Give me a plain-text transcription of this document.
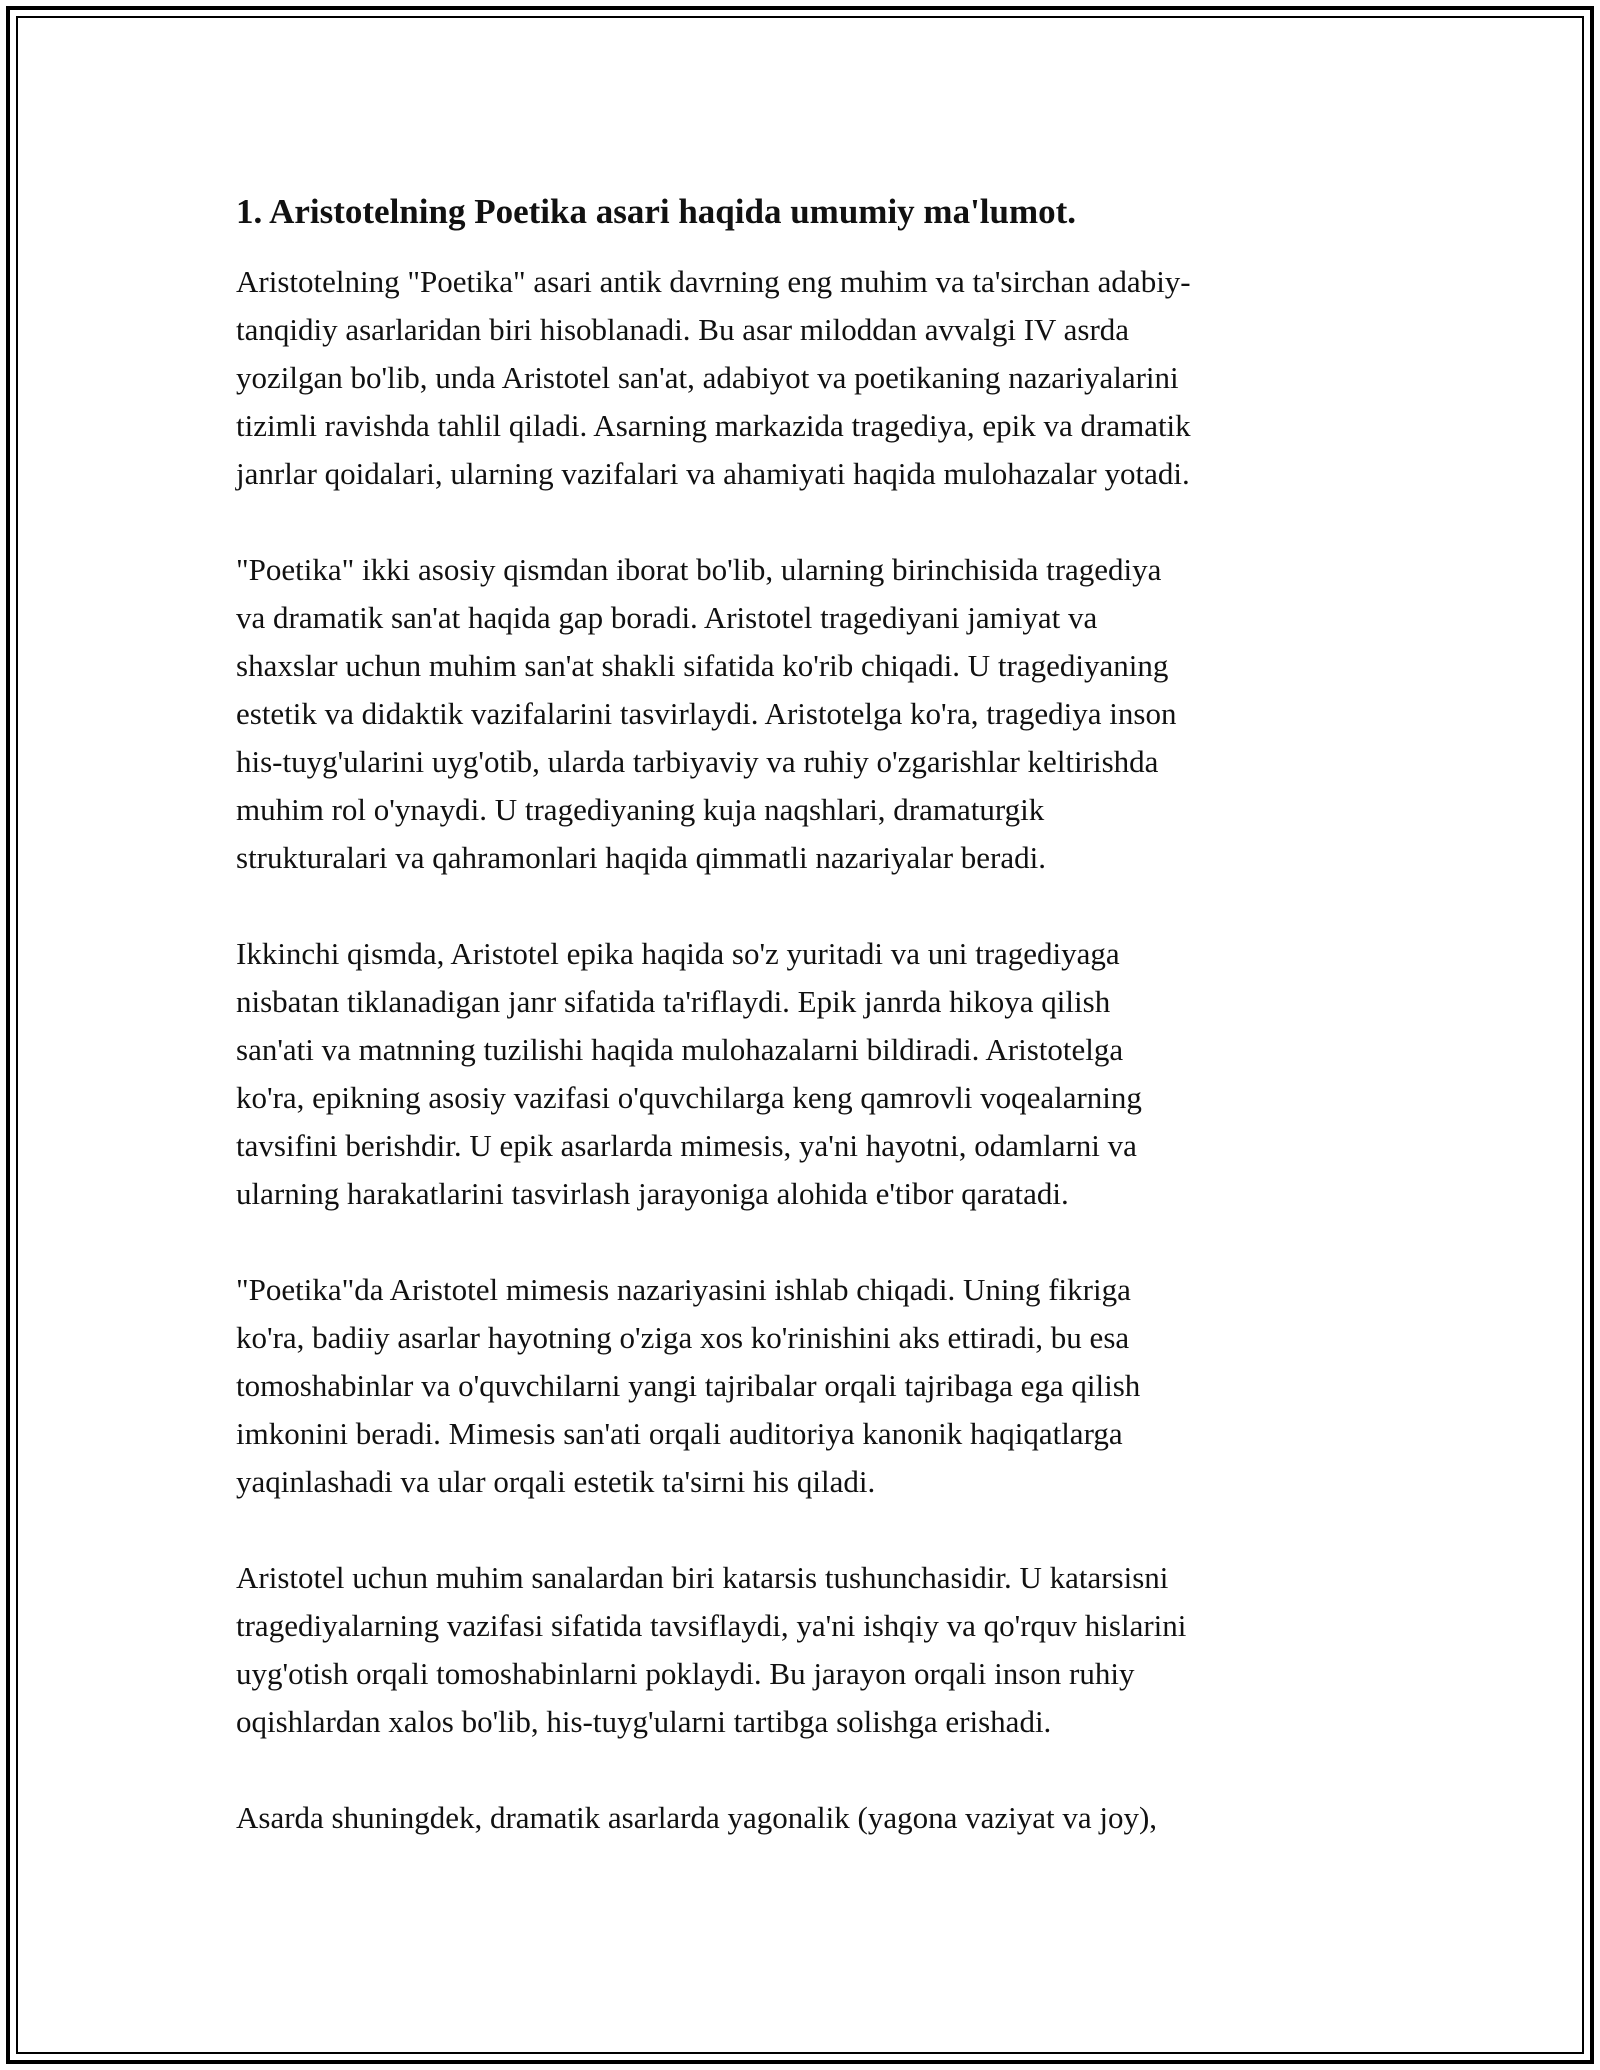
1. Aristotelning Poetika asari haqida umumiy ma'lumot.
Aristotelning "Poetika" asari antik davrning eng muhim va ta'sirchan adabiy-
tanqidiy asarlaridan biri hisoblanadi. Bu asar miloddan avvalgi IV asrda
yozilgan bo'lib, unda Aristotel san'at, adabiyot va poetikaning nazariyalarini
tizimli ravishda tahlil qiladi. Asarning markazida tragediya, epik va dramatik
janrlar qoidalari, ularning vazifalari va ahamiyati haqida mulohazalar yotadi.
"Poetika" ikki asosiy qismdan iborat bo'lib, ularning birinchisida tragediya
va dramatik san'at haqida gap boradi. Aristotel tragediyani jamiyat va
shaxslar uchun muhim san'at shakli sifatida ko'rib chiqadi. U tragediyaning
estetik va didaktik vazifalarini tasvirlaydi. Aristotelga ko'ra, tragediya inson
his-tuyg'ularini uyg'otib, ularda tarbiyaviy va ruhiy o'zgarishlar keltirishda
muhim rol o'ynaydi. U tragediyaning kuja naqshlari, dramaturgik
strukturalari va qahramonlari haqida qimmatli nazariyalar beradi.
Ikkinchi qismda, Aristotel epika haqida so'z yuritadi va uni tragediyaga
nisbatan tiklanadigan janr sifatida ta'riflaydi. Epik janrda hikoya qilish
san'ati va matnning tuzilishi haqida mulohazalarni bildiradi. Aristotelga
ko'ra, epikning asosiy vazifasi o'quvchilarga keng qamrovli voqealarning
tavsifini berishdir. U epik asarlarda mimesis, ya'ni hayotni, odamlarni va
ularning harakatlarini tasvirlash jarayoniga alohida e'tibor qaratadi.
"Poetika"da Aristotel mimesis nazariyasini ishlab chiqadi. Uning fikriga
ko'ra, badiiy asarlar hayotning o'ziga xos ko'rinishini aks ettiradi, bu esa
tomoshabinlar va o'quvchilarni yangi tajribalar orqali tajribaga ega qilish
imkonini beradi. Mimesis san'ati orqali auditoriya kanonik haqiqatlarga
yaqinlashadi va ular orqali estetik ta'sirni his qiladi.
Aristotel uchun muhim sanalardan biri katarsis tushunchasidir. U katarsisni
tragediyalarning vazifasi sifatida tavsiflaydi, ya'ni ishqiy va qo'rquv hislarini
uyg'otish orqali tomoshabinlarni poklaydi. Bu jarayon orqali inson ruhiy
oqishlardan xalos bo'lib, his-tuyg'ularni tartibga solishga erishadi.
Asarda shuningdek, dramatik asarlarda yagonalik (yagona vaziyat va joy),
